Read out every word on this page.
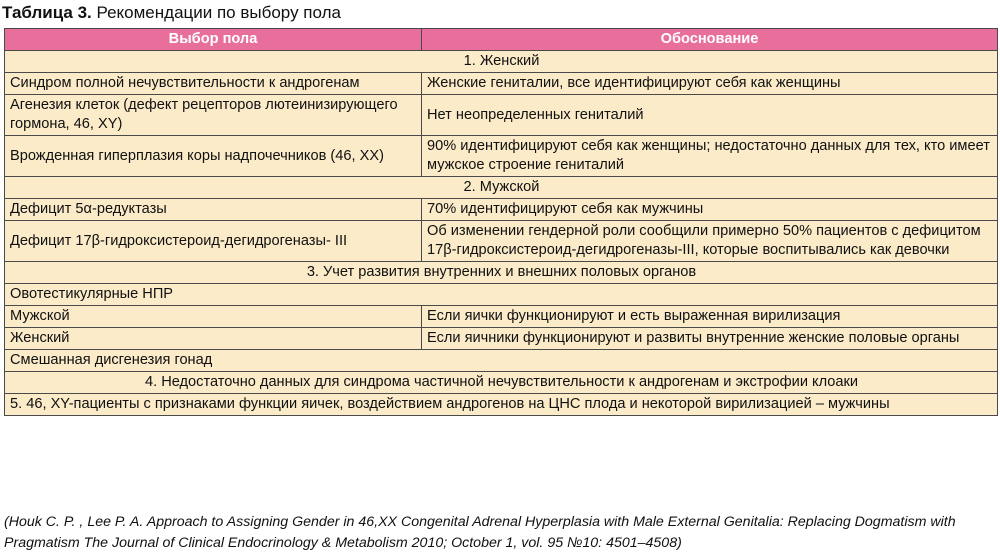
Таблица 3. Рекомендации по выбору пола
Выбор пола	Обоснование
1. Женский	
Синдром полной нечувствительности к андрогенам	Женские гениталии, все идентифицируют себя как женщины
Агенезия клеток (дефект рецепторов лютеинизирующего гормона, 46, XY)	Нет неопределенных гениталий
Врожденная гиперплазия коры надпочечников (46, XX)	90% идентифицируют себя как женщины; недостаточно данных для тех, кто имеет мужское строение гениталий
2. Мужской	
Дефицит 5α-редуктазы	70% идентифицируют себя как мужчины
Дефицит 17β-гидроксистероид-дегидрогеназы- III	Об изменении гендерной роли сообщили примерно 50% пациентов с дефицитом 17β-гидроксистероид-дегидрогеназы-III, которые воспитывались как девочки
3. Учет развития внутренних и внешних половых органов	
Овотестикулярные НПР	
Мужской	Если яички функционируют и есть выраженная вирилизация
Женский	Если яичники функционируют и развиты внутренние женские половые органы
Смешанная дисгенезия гонад	
4. Недостаточно данных для синдрома частичной нечувствительности к андрогенам и экстрофии клоаки	
5. 46, XY-пациенты с признаками функции яичек, воздействием андрогенов на ЦНС плода и некоторой вирилизацией – мужчины	
(Houk C. P. , Lee P. A. Approach to Assigning Gender in 46,XX Congenital Adrenal Hyperplasia with Male External Genitalia: Replacing Dogmatism with Pragmatism The Journal of Clinical Endocrinology & Metabolism 2010; October 1, vol. 95 №10: 4501–4508)
